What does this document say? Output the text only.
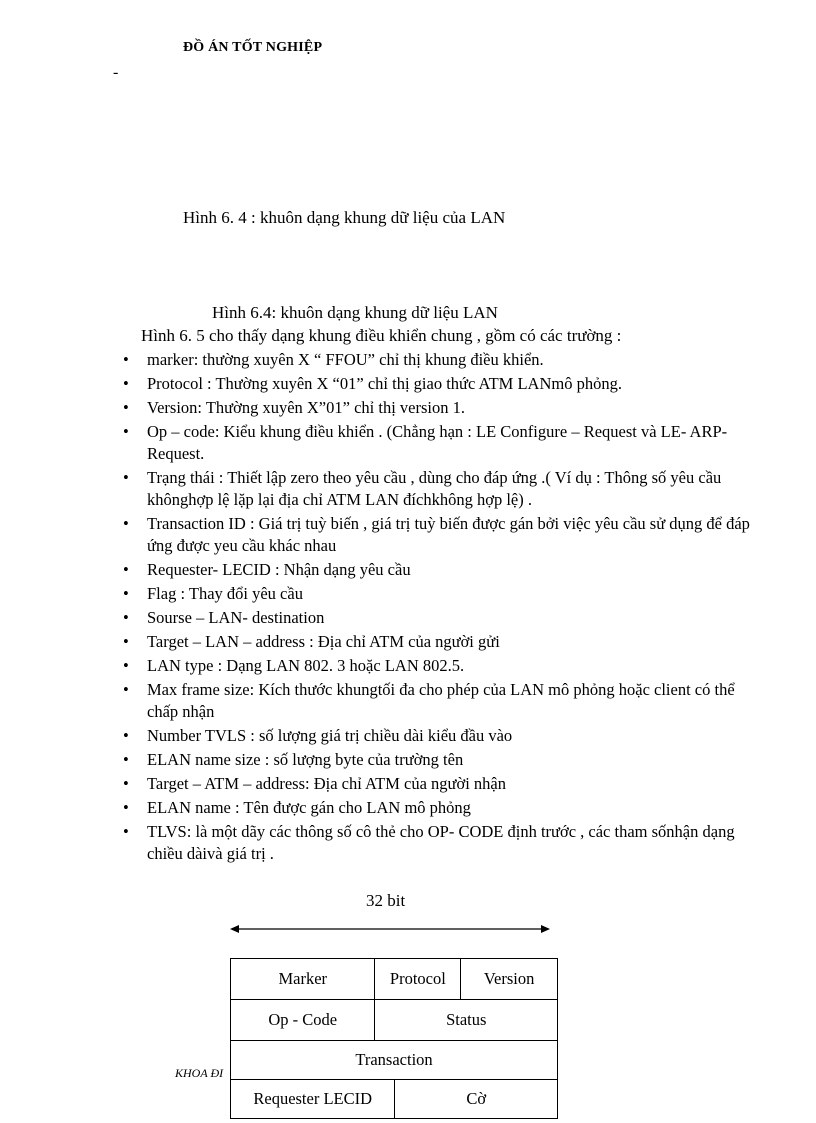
ĐỒ ÁN TỐT NGHIỆP
-
Hình 6. 4 : khuôn dạng khung dữ liệu của LAN
Hình 6.4: khuôn dạng khung dữ liệu LAN
Hình 6. 5 cho thấy dạng khung điều khiển chung , gồm có các trường :
• marker: thường xuyên X “ FFOU” chỉ thị khung điều khiển.
• Protocol : Thường xuyên X “01” chỉ thị giao thức ATM LANmô phỏng.
• Version: Thường xuyên X”01” chỉ thị version 1.
• Op – code: Kiểu khung điều khiển . (Chẳng hạn : LE Configure – Request và LE- ARP- Request.
• Trạng thái : Thiết lập zero theo yêu cầu , dùng cho đáp ứng .( Ví dụ : Thông số yêu cầu khônghợp lệ lặp lại địa chỉ ATM LAN đíchkhông hợp lệ) .
• Transaction ID : Giá trị tuỳ biến , giá trị tuỳ biến được gán bởi việc yêu cầu sử dụng để đáp ứng được yeu cầu khác nhau
• Requester- LECID : Nhận dạng yêu cầu
• Flag : Thay đổi yêu cầu
• Sourse – LAN- destination
• Target – LAN – address : Địa chỉ ATM của người gửi
• LAN type : Dạng LAN 802. 3 hoặc LAN 802.5.
• Max frame size: Kích thước khungtối đa cho phép của LAN mô phỏng hoặc client có thể chấp nhận
• Number TVLS : số lượng giá trị chiều dài kiểu đầu vào
• ELAN name size : số lượng byte của trường tên
• Target – ATM – address: Địa chỉ ATM của người nhận
• ELAN name : Tên được gán cho LAN mô phỏng
• TLVS: là một dãy các thông số cô thẻ cho OP- CODE định trước , các tham sốnhận dạng chiều dàivà giá trị .
32 bit
KHOA ĐI
Marker	Protocol		Version
Op - Code	Status		
Transaction			
Requester LECID		Cờ	
